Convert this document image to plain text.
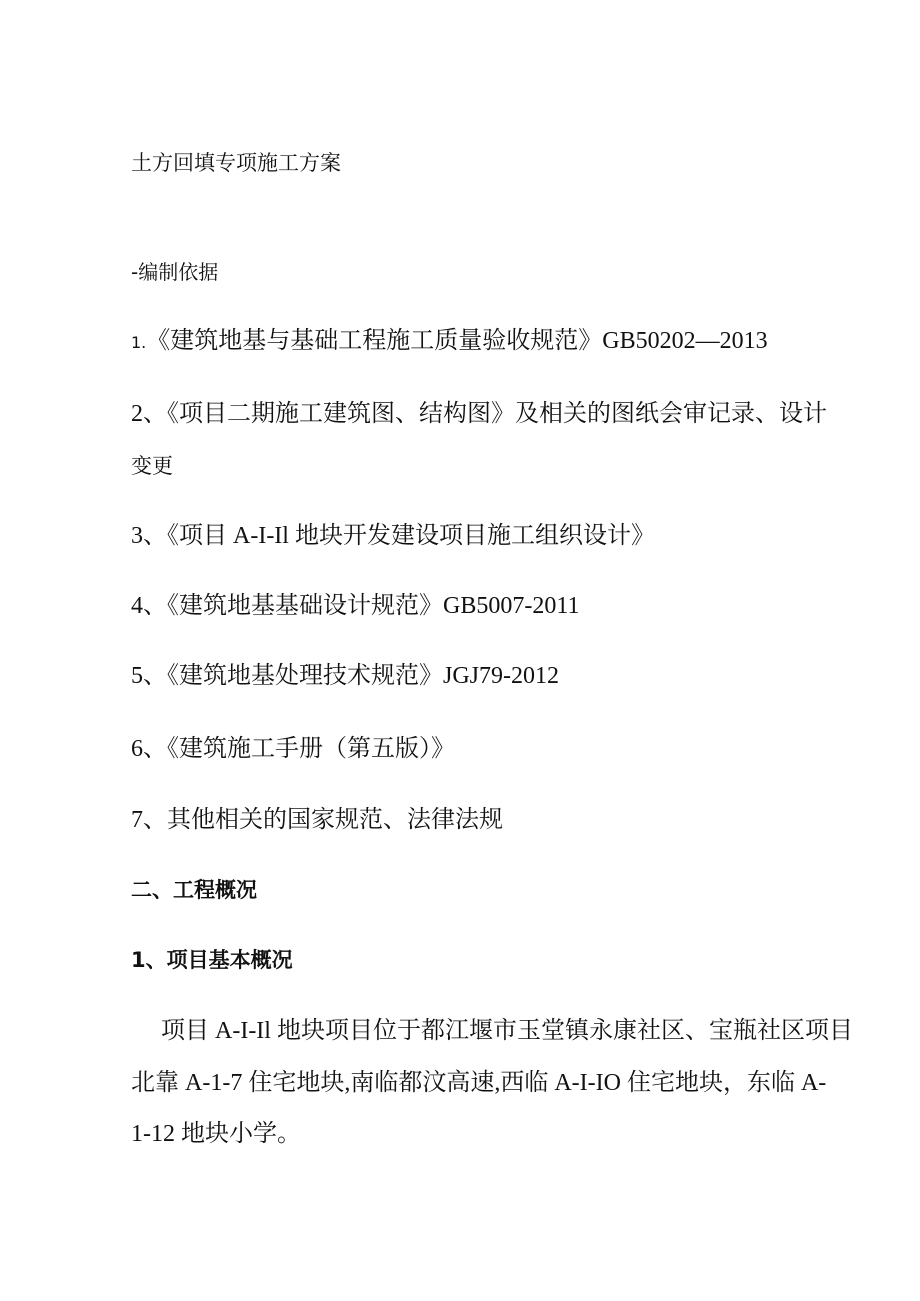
土方回填专项施工方案
-编制依据
1.《建筑地基与基础工程施工质量验收规范》GB50202—2013
2、《项目二期施工建筑图、结构图》及相关的图纸会审记录、设计
变更
3、《项目 A-I-Il 地块开发建设项目施工组织设计》
4、《建筑地基基础设计规范》GB5007-2011
5、《建筑地基处理技术规范》JGJ79-2012
6、《建筑施工手册（第五版）》
7、其他相关的国家规范、法律法规
二、工程概况
1、项目基本概况
项目 A-I-Il 地块项目位于都江堰市玉堂镇永康社区、宝瓶社区项目
北靠 A-1-7 住宅地块,南临都汶高速,西临 A-I-IO 住宅地块，东临 A-
1-12 地块小学。
